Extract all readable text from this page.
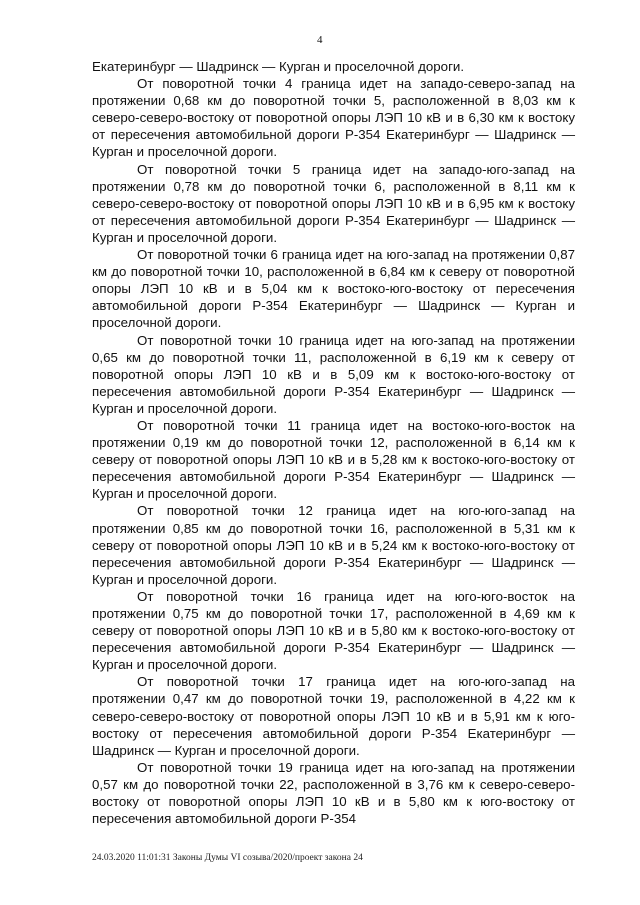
4

Екатеринбург — Шадринск — Курган и проселочной дороги.

От поворотной точки 4 граница идет на западо-северо-запад на протяжении 0,68 км до поворотной точки 5, расположенной в 8,03 км к северо-северо-востоку от поворотной опоры ЛЭП 10 кВ и в 6,30 км к востоку от пересечения автомобильной дороги Р-354 Екатеринбург — Шадринск — Курган и проселочной дороги.

От поворотной точки 5 граница идет на западо-юго-запад на протяжении 0,78 км до поворотной точки 6, расположенной в 8,11 км к северо-северо-востоку от поворотной опоры ЛЭП 10 кВ и в 6,95 км к востоку от пересечения автомобильной дороги Р-354 Екатеринбург — Шадринск — Курган и проселочной дороги.

От поворотной точки 6 граница идет на юго-запад на протяжении 0,87 км до поворотной точки 10, расположенной в 6,84 км к северу от поворотной опоры ЛЭП 10 кВ и в 5,04 км к востоко-юго-востоку от пересечения автомобильной дороги Р-354 Екатеринбург — Шадринск — Курган и проселочной дороги.

От поворотной точки 10 граница идет на юго-запад на протяжении 0,65 км до поворотной точки 11, расположенной в 6,19 км к северу от поворотной опоры ЛЭП 10 кВ и в 5,09 км к востоко-юго-востоку от пересечения автомобильной дороги Р-354 Екатеринбург — Шадринск — Курган и проселочной дороги.

От поворотной точки 11 граница идет на востоко-юго-восток на протяжении 0,19 км до поворотной точки 12, расположенной в 6,14 км к северу от поворотной опоры ЛЭП 10 кВ и в 5,28 км к востоко-юго-востоку от пересечения автомобильной дороги Р-354 Екатеринбург — Шадринск — Курган и проселочной дороги.

От поворотной точки 12 граница идет на юго-юго-запад на протяжении 0,85 км до поворотной точки 16, расположенной в 5,31 км к северу от поворотной опоры ЛЭП 10 кВ и в 5,24 км к востоко-юго-востоку от пересечения автомобильной дороги Р-354 Екатеринбург — Шадринск — Курган и проселочной дороги.

От поворотной точки 16 граница идет на юго-юго-восток на протяжении 0,75 км до поворотной точки 17, расположенной в 4,69 км к северу от поворотной опоры ЛЭП 10 кВ и в 5,80 км к востоко-юго-востоку от пересечения автомобильной дороги Р-354 Екатеринбург — Шадринск — Курган и проселочной дороги.

От поворотной точки 17 граница идет на юго-юго-запад на протяжении 0,47 км до поворотной точки 19, расположенной в 4,22 км к северо-северо-востоку от поворотной опоры ЛЭП 10 кВ и в 5,91 км к юго-востоку от пересечения автомобильной дороги Р-354 Екатеринбург — Шадринск — Курган и проселочной дороги.

От поворотной точки 19 граница идет на юго-запад на протяжении 0,57 км до поворотной точки 22, расположенной в 3,76 км к северо-северо-востоку от поворотной опоры ЛЭП 10 кВ и в 5,80 км к юго-востоку от пересечения автомобильной дороги Р-354

24.03.2020 11:01:31 Законы Думы VI созыва/2020/проект закона 24
